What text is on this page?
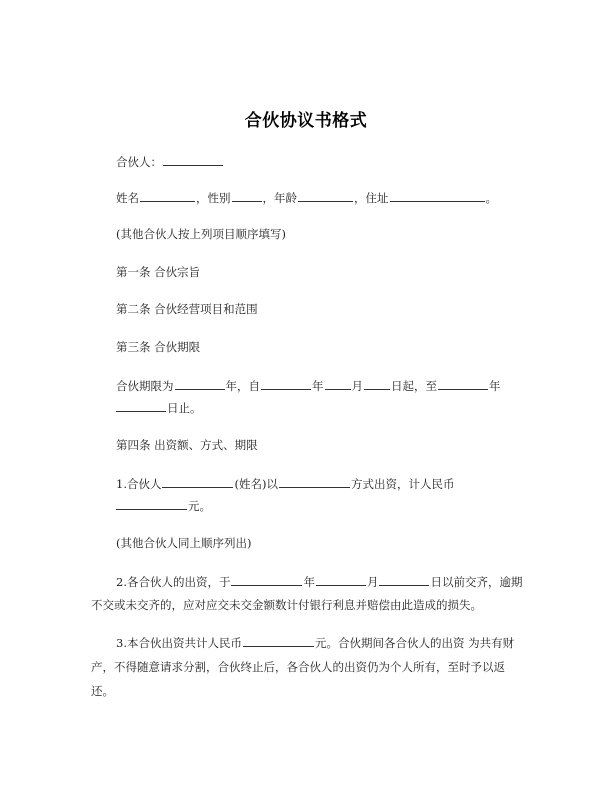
合伙协议书格式
合伙人：
姓名	，性别	，年龄	，住址	。
(其他合伙人按上列项目顺序填写)
第一条 合伙宗旨
第二条 合伙经营项目和范围
第三条 合伙期限
合伙期限为	年，自	年 月 日起，至	年
日止。
第四条 出资额、方式、期限
1.合伙人	(姓名)以	方式出资，计人民币
元。
(其他合伙人同上顺序列出)
2.各合伙人的出资，于	年	月	日以前交齐，逾期
不交或未交齐的，应对应交未交金额数计付银行利息并赔偿由此造成的损失。
3.本合伙出资共计人民币	元。合伙期间各合伙人的出资 为共有财
产，不得随意请求分割，合伙终止后，各合伙人的出资仍为个人所有，至时予以返
还。
